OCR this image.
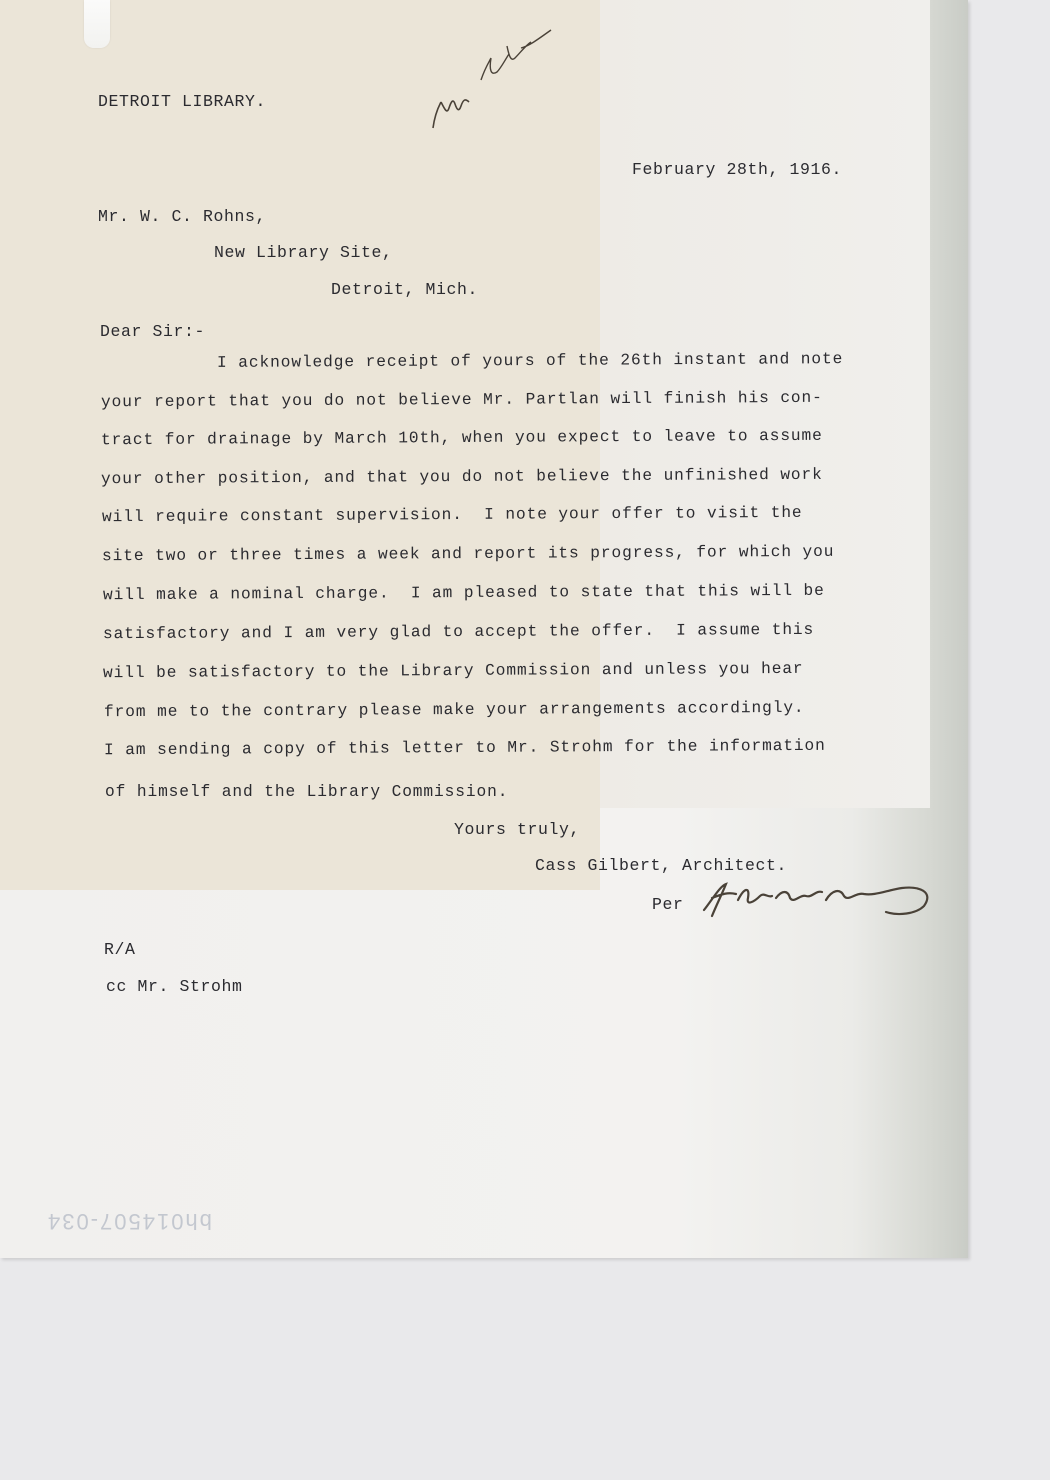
DETROIT LIBRARY.
February 28th, 1916.
Mr. W. C. Rohns,
New Library Site,
Detroit, Mich.
Dear Sir:-
I acknowledge receipt of yours of the 26th instant and note
your report that you do not believe Mr. Partlan will finish his con-
tract for drainage by March 10th, when you expect to leave to assume
your other position, and that you do not believe the unfinished work
will require constant supervision.  I note your offer to visit the
site two or three times a week and report its progress, for which you
will make a nominal charge.  I am pleased to state that this will be
satisfactory and I am very glad to accept the offer.  I assume this
will be satisfactory to the Library Commission and unless you hear
from me to the contrary please make your arrangements accordingly.
I am sending a copy of this letter to Mr. Strohm for the information
of himself and the Library Commission.
Yours truly,
Cass Gilbert, Architect.
Per
R/A
cc Mr. Strohm
bh014507-034
